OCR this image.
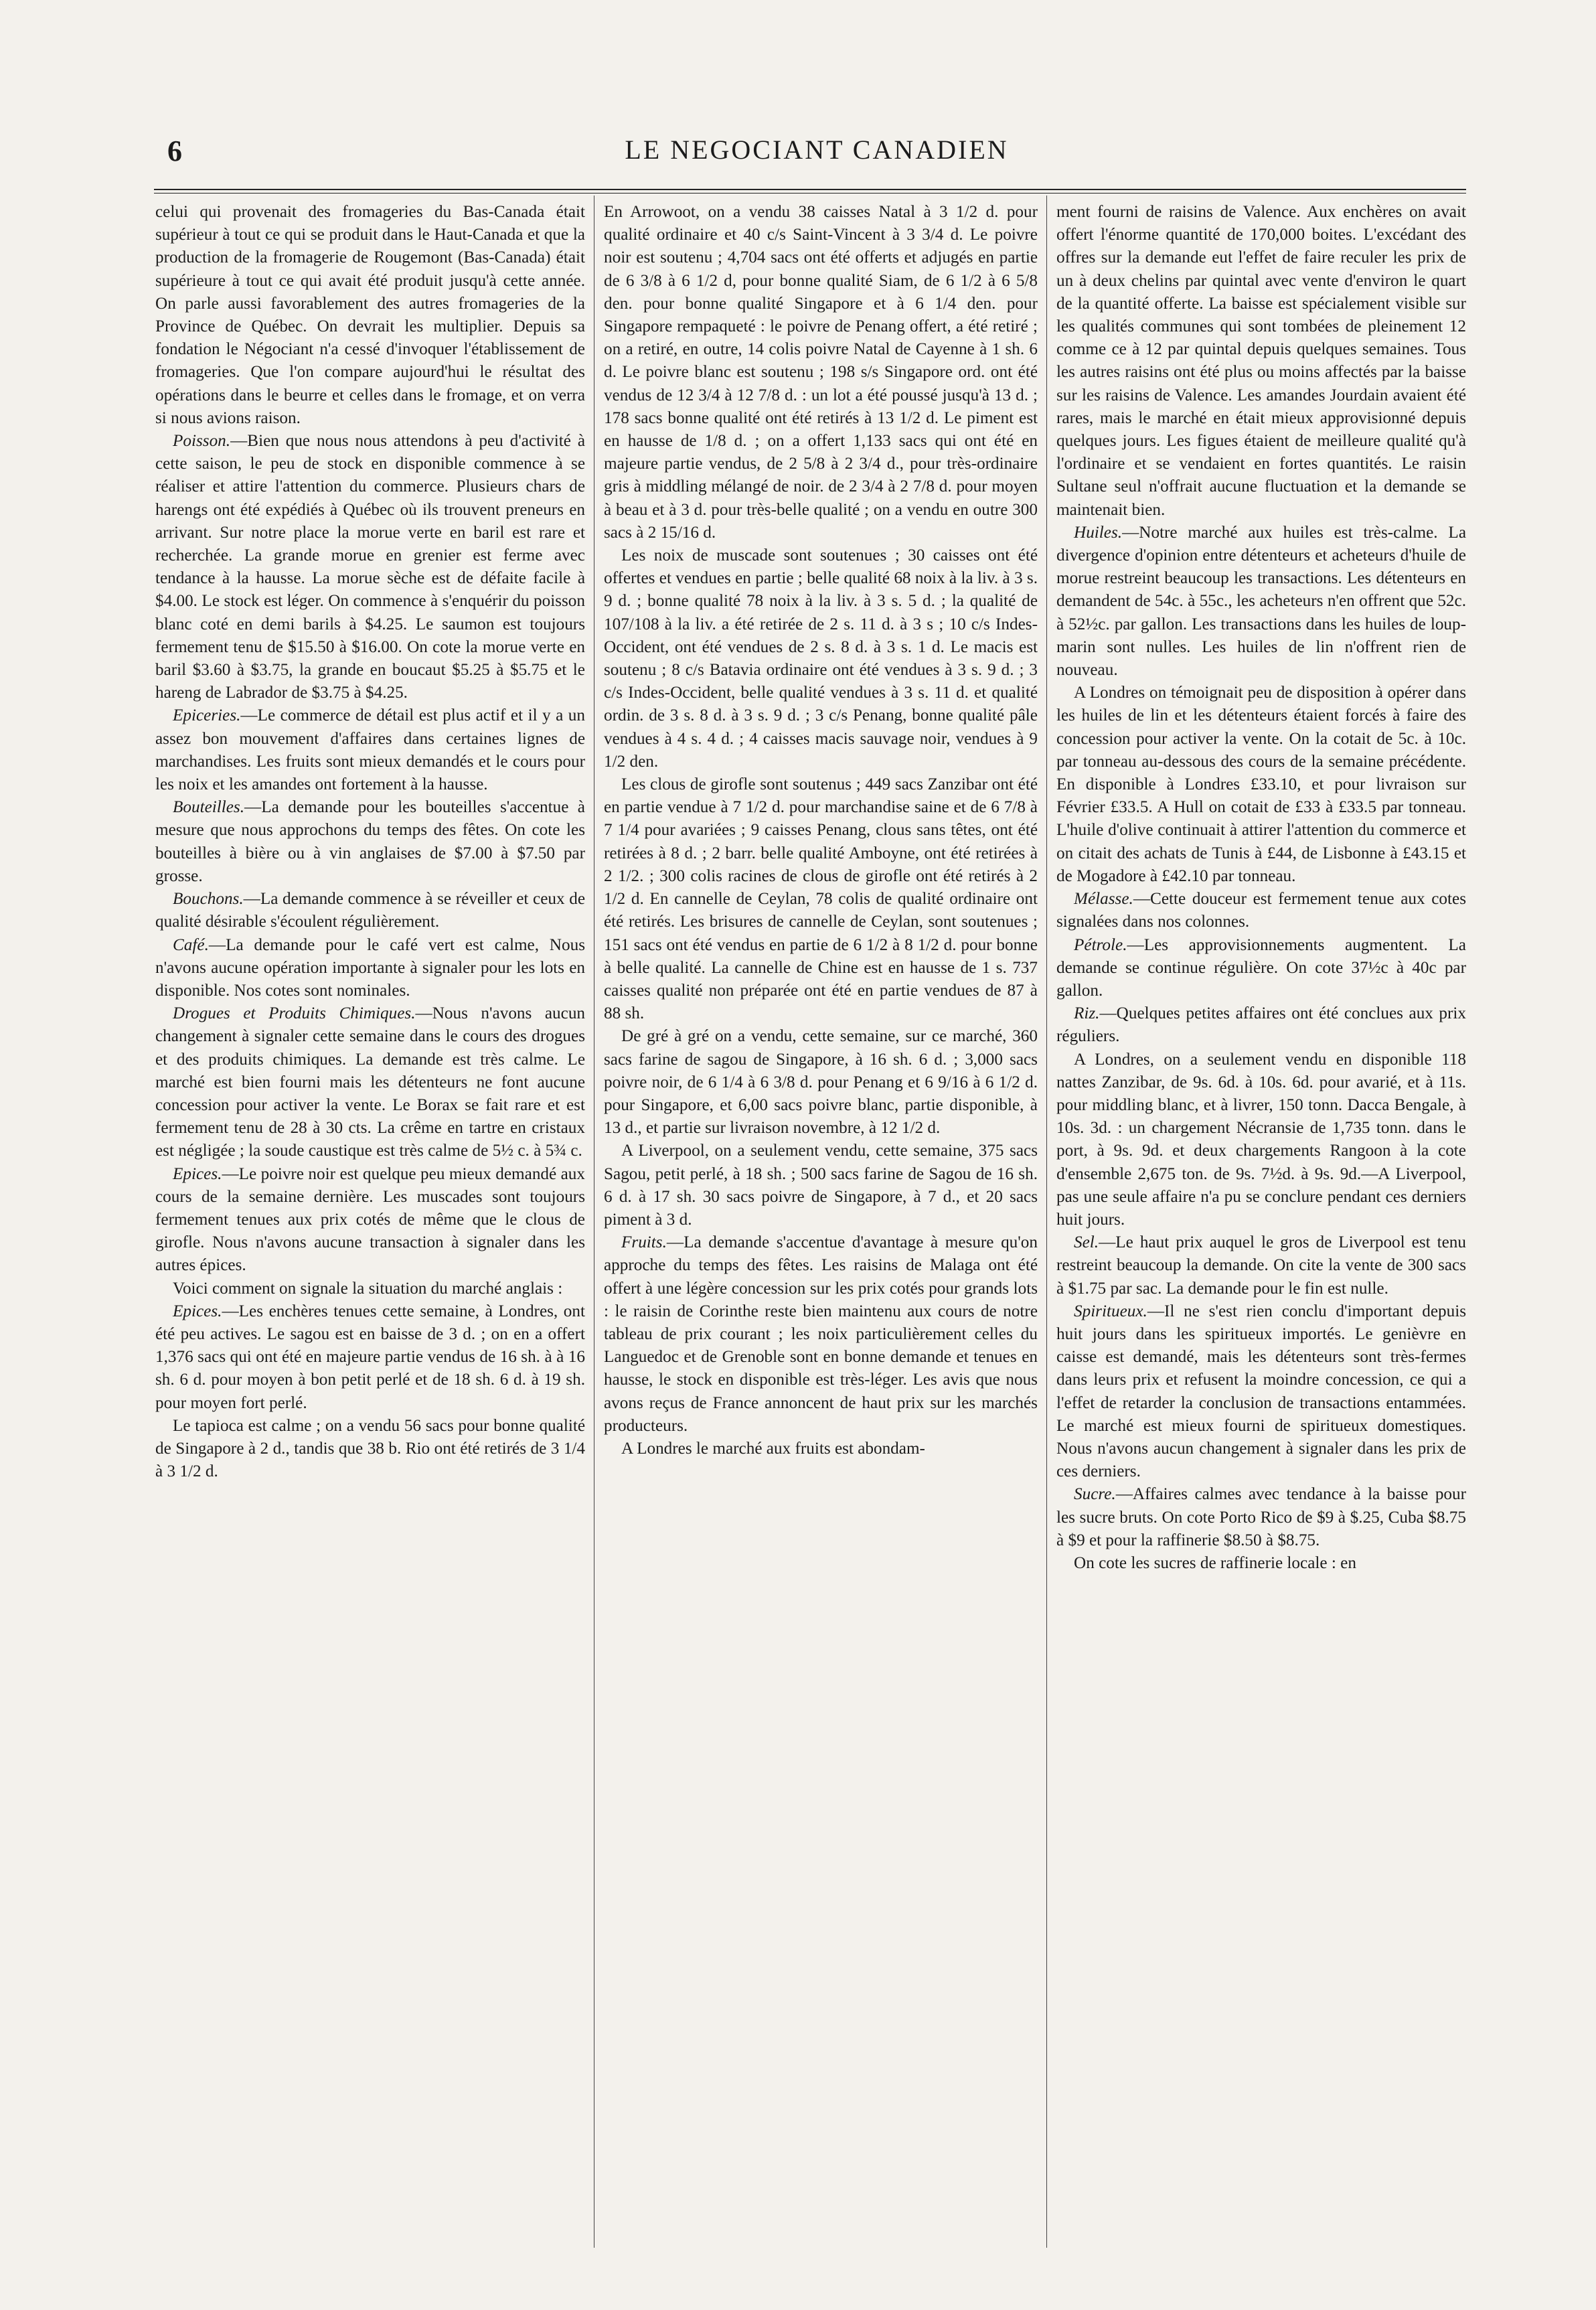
6	LE NEGOCIANT CANADIEN

celui qui provenait des fromageries du Bas-Canada était supérieur à tout ce qui se produit dans le Haut-Canada et que la production de la fromagerie de Rougemont (Bas-Canada) était supérieure à tout ce qui avait été produit jusqu'à cette année. On parle aussi favorablement des autres fromageries de la Province de Québec. On devrait les multiplier. Depuis sa fondation le Négociant n'a cessé d'invoquer l'établissement de fromageries. Que l'on compare aujourd'hui le résultat des opérations dans le beurre et celles dans le fromage, et on verra si nous avions raison.

Poisson.—Bien que nous nous attendons à peu d'activité à cette saison, le peu de stock en disponible commence à se réaliser et attire l'attention du commerce. Plusieurs chars de harengs ont été expédiés à Québec où ils trouvent preneurs en arrivant. Sur notre place la morue verte en baril est rare et recherchée. La grande morue en grenier est ferme avec tendance à la hausse. La morue sèche est de défaite facile à $4.00. Le stock est léger. On commence à s'enquérir du poisson blanc coté en demi barils à $4.25. Le saumon est toujours fermement tenu de $15.50 à $16.00. On cote la morue verte en baril $3.60 à $3.75, la grande en boucaut $5.25 à $5.75 et le hareng de Labrador de $3.75 à $4.25.

Epiceries.—Le commerce de détail est plus actif et il y a un assez bon mouvement d'affaires dans certaines lignes de marchandises. Les fruits sont mieux demandés et le cours pour les noix et les amandes ont fortement à la hausse.

Bouteilles.—La demande pour les bouteilles s'accentue à mesure que nous approchons du temps des fêtes. On cote les bouteilles à bière ou à vin anglaises de $7.00 à $7.50 par grosse.

Bouchons.—La demande commence à se réveiller et ceux de qualité désirable s'écoulent régulièrement.

Café.—La demande pour le café vert est calme, Nous n'avons aucune opération importante à signaler pour les lots en disponible. Nos cotes sont nominales.

Drogues et Produits Chimiques.—Nous n'avons aucun changement à signaler cette semaine dans le cours des drogues et des produits chimiques. La demande est très calme. Le marché est bien fourni mais les détenteurs ne font aucune concession pour activer la vente. Le Borax se fait rare et est fermement tenu de 28 à 30 cts. La crême en tartre en cristaux est négligée ; la soude caustique est très calme de 5½ c. à 5¾ c.

Epices.—Le poivre noir est quelque peu mieux demandé aux cours de la semaine dernière. Les muscades sont toujours fermement tenues aux prix cotés de même que le clous de girofle. Nous n'avons aucune transaction à signaler dans les autres épices.

Voici comment on signale la situation du marché anglais :

Epices.—Les enchères tenues cette semaine, à Londres, ont été peu actives. Le sagou est en baisse de 3 d. ; on en a offert 1,376 sacs qui ont été en majeure partie vendus de 16 sh. à à 16 sh. 6 d. pour moyen à bon petit perlé et de 18 sh. 6 d. à 19 sh. pour moyen fort perlé.

Le tapioca est calme ; on a vendu 56 sacs pour bonne qualité de Singapore à 2 d., tandis que 38 b. Rio ont été retirés de 3 1/4 à 3 1/2 d.

En Arrowoot, on a vendu 38 caisses Natal à 3 1/2 d. pour qualité ordinaire et 40 c/s Saint-Vincent à 3 3/4 d. Le poivre noir est soutenu ; 4,704 sacs ont été offerts et adjugés en partie de 6 3/8 à 6 1/2 d, pour bonne qualité Siam, de 6 1/2 à 6 5/8 den. pour bonne qualité Singapore et à 6 1/4 den. pour Singapore rempaqueté : le poivre de Penang offert, a été retiré ; on a retiré, en outre, 14 colis poivre Natal de Cayenne à 1 sh. 6 d. Le poivre blanc est soutenu ; 198 s/s Singapore ord. ont été vendus de 12 3/4 à 12 7/8 d. : un lot a été poussé jusqu'à 13 d. ; 178 sacs bonne qualité ont été retirés à 13 1/2 d. Le piment est en hausse de 1/8 d. ; on a offert 1,133 sacs qui ont été en majeure partie vendus, de 2 5/8 à 2 3/4 d., pour très-ordinaire gris à middling mélangé de noir. de 2 3/4 à 2 7/8 d. pour moyen à beau et à 3 d. pour très-belle qualité ; on a vendu en outre 300 sacs à 2 15/16 d.

Les noix de muscade sont soutenues ; 30 caisses ont été offertes et vendues en partie ; belle qualité 68 noix à la liv. à 3 s. 9 d. ; bonne qualité 78 noix à la liv. à 3 s. 5 d. ; la qualité de 107/108 à la liv. a été retirée de 2 s. 11 d. à 3 s ; 10 c/s Indes-Occident, ont été vendues de 2 s. 8 d. à 3 s. 1 d. Le macis est soutenu ; 8 c/s Batavia ordinaire ont été vendues à 3 s. 9 d. ; 3 c/s Indes-Occident, belle qualité vendues à 3 s. 11 d. et qualité ordin. de 3 s. 8 d. à 3 s. 9 d. ; 3 c/s Penang, bonne qualité pâle vendues à 4 s. 4 d. ; 4 caisses macis sauvage noir, vendues à 9 1/2 den.

Les clous de girofle sont soutenus ; 449 sacs Zanzibar ont été en partie vendue à 7 1/2 d. pour marchandise saine et de 6 7/8 à 7 1/4 pour avariées ; 9 caisses Penang, clous sans têtes, ont été retirées à 8 d. ; 2 barr. belle qualité Amboyne, ont été retirées à 2 1/2. ; 300 colis racines de clous de girofle ont été retirés à 2 1/2 d. En cannelle de Ceylan, 78 colis de qualité ordinaire ont été retirés. Les brisures de cannelle de Ceylan, sont soutenues ; 151 sacs ont été vendus en partie de 6 1/2 à 8 1/2 d. pour bonne à belle qualité. La cannelle de Chine est en hausse de 1 s. 737 caisses qualité non préparée ont été en partie vendues de 87 à 88 sh.

De gré à gré on a vendu, cette semaine, sur ce marché, 360 sacs farine de sagou de Singapore, à 16 sh. 6 d. ; 3,000 sacs poivre noir, de 6 1/4 à 6 3/8 d. pour Penang et 6 9/16 à 6 1/2 d. pour Singapore, et 6,00 sacs poivre blanc, partie disponible, à 13 d., et partie sur livraison novembre, à 12 1/2 d.

A Liverpool, on a seulement vendu, cette semaine, 375 sacs Sagou, petit perlé, à 18 sh. ; 500 sacs farine de Sagou de 16 sh. 6 d. à 17 sh. 30 sacs poivre de Singapore, à 7 d., et 20 sacs piment à 3 d.

Fruits.—La demande s'accentue d'avantage à mesure qu'on approche du temps des fêtes. Les raisins de Malaga ont été offert à une légère concession sur les prix cotés pour grands lots : le raisin de Corinthe reste bien maintenu aux cours de notre tableau de prix courant ; les noix particulièrement celles du Languedoc et de Grenoble sont en bonne demande et tenues en hausse, le stock en disponible est très-léger. Les avis que nous avons reçus de France annoncent de haut prix sur les marchés producteurs.

A Londres le marché aux fruits est abondam-

ment fourni de raisins de Valence. Aux enchères on avait offert l'énorme quantité de 170,000 boites. L'excédant des offres sur la demande eut l'effet de faire reculer les prix de un à deux chelins par quintal avec vente d'environ le quart de la quantité offerte. La baisse est spécialement visible sur les qualités communes qui sont tombées de pleinement 12 comme ce à 12 par quintal depuis quelques semaines. Tous les autres raisins ont été plus ou moins affectés par la baisse sur les raisins de Valence. Les amandes Jourdain avaient été rares, mais le marché en était mieux approvisionné depuis quelques jours. Les figues étaient de meilleure qualité qu'à l'ordinaire et se vendaient en fortes quantités. Le raisin Sultane seul n'offrait aucune fluctuation et la demande se maintenait bien.

Huiles.—Notre marché aux huiles est très-calme. La divergence d'opinion entre détenteurs et acheteurs d'huile de morue restreint beaucoup les transactions. Les détenteurs en demandent de 54c. à 55c., les acheteurs n'en offrent que 52c. à 52½c. par gallon. Les transactions dans les huiles de loup-marin sont nulles. Les huiles de lin n'offrent rien de nouveau.

A Londres on témoignait peu de disposition à opérer dans les huiles de lin et les détenteurs étaient forcés à faire des concession pour activer la vente. On la cotait de 5c. à 10c. par tonneau au-dessous des cours de la semaine précédente. En disponible à Londres £33.10, et pour livraison sur Février £33.5. A Hull on cotait de £33 à £33.5 par tonneau. L'huile d'olive continuait à attirer l'attention du commerce et on citait des achats de Tunis à £44, de Lisbonne à £43.15 et de Mogadore à £42.10 par tonneau.

Mélasse.—Cette douceur est fermement tenue aux cotes signalées dans nos colonnes.

Pétrole.—Les approvisionnements augmentent. La demande se continue régulière. On cote 37½c à 40c par gallon.

Riz.—Quelques petites affaires ont été conclues aux prix réguliers.

A Londres, on a seulement vendu en disponible 118 nattes Zanzibar, de 9s. 6d. à 10s. 6d. pour avarié, et à 11s. pour middling blanc, et à livrer, 150 tonn. Dacca Bengale, à 10s. 3d. : un chargement Nécransie de 1,735 tonn. dans le port, à 9s. 9d. et deux chargements Rangoon à la cote d'ensemble 2,675 ton. de 9s. 7½d. à 9s. 9d.—A Liverpool, pas une seule affaire n'a pu se conclure pendant ces derniers huit jours.

Sel.—Le haut prix auquel le gros de Liverpool est tenu restreint beaucoup la demande. On cite la vente de 300 sacs à $1.75 par sac. La demande pour le fin est nulle.

Spiritueux.—Il ne s'est rien conclu d'important depuis huit jours dans les spiritueux importés. Le genièvre en caisse est demandé, mais les détenteurs sont très-fermes dans leurs prix et refusent la moindre concession, ce qui a l'effet de retarder la conclusion de transactions entammées. Le marché est mieux fourni de spiritueux domestiques. Nous n'avons aucun changement à signaler dans les prix de ces derniers.

Sucre.—Affaires calmes avec tendance à la baisse pour les sucre bruts. On cote Porto Rico de $9 à $.25, Cuba $8.75 à $9 et pour la raffinerie $8.50 à $8.75.

On cote les sucres de raffinerie locale : en
